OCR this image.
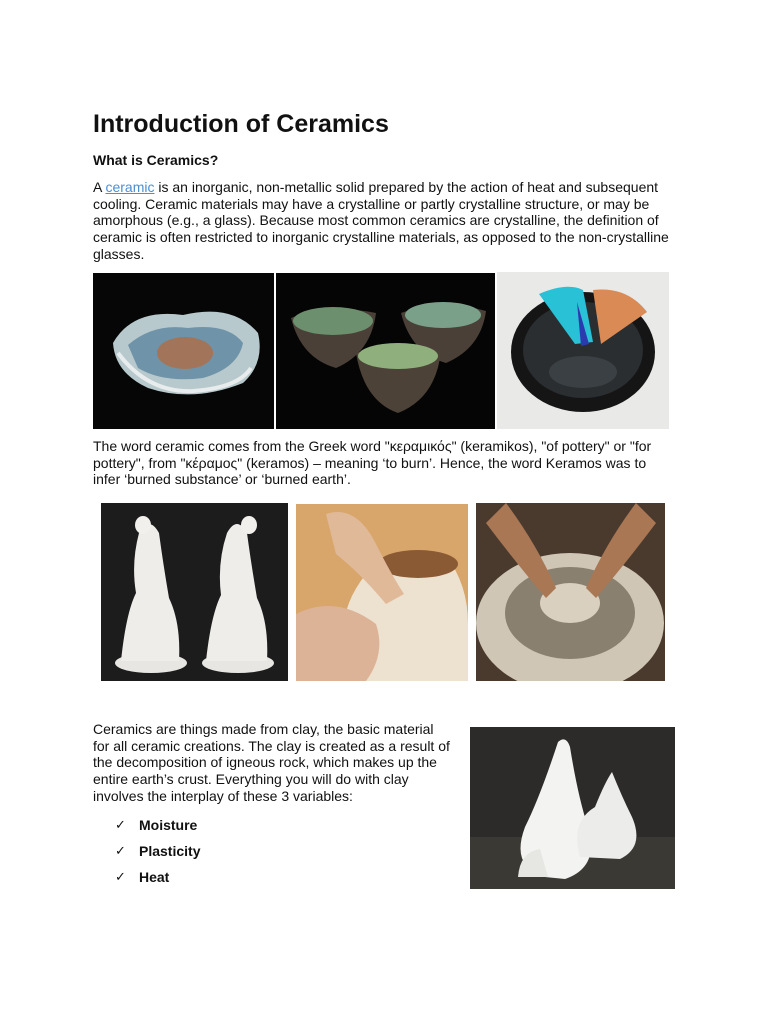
Introduction of Ceramics
What is Ceramics?
A ceramic is an inorganic, non-metallic solid prepared by the action of heat and subsequent cooling. Ceramic materials may have a crystalline or partly crystalline structure, or may be amorphous (e.g., a glass). Because most common ceramics are crystalline, the definition of ceramic is often restricted to inorganic crystalline materials, as opposed to the non-crystalline glasses.
The word ceramic comes from the Greek word "κεραμικός" (keramikos), "of pottery" or "for pottery", from "κέραμος" (keramos) – meaning ‘to burn’. Hence, the word Keramos was to infer ‘burned substance’ or ‘burned earth’.
Ceramics are things made from clay, the basic material for all ceramic creations. The clay is created as a result of the decomposition of igneous rock, which makes up the entire earth’s crust. Everything you will do with clay involves the interplay of these 3 variables:
✓ Moisture
✓ Plasticity
✓ Heat
